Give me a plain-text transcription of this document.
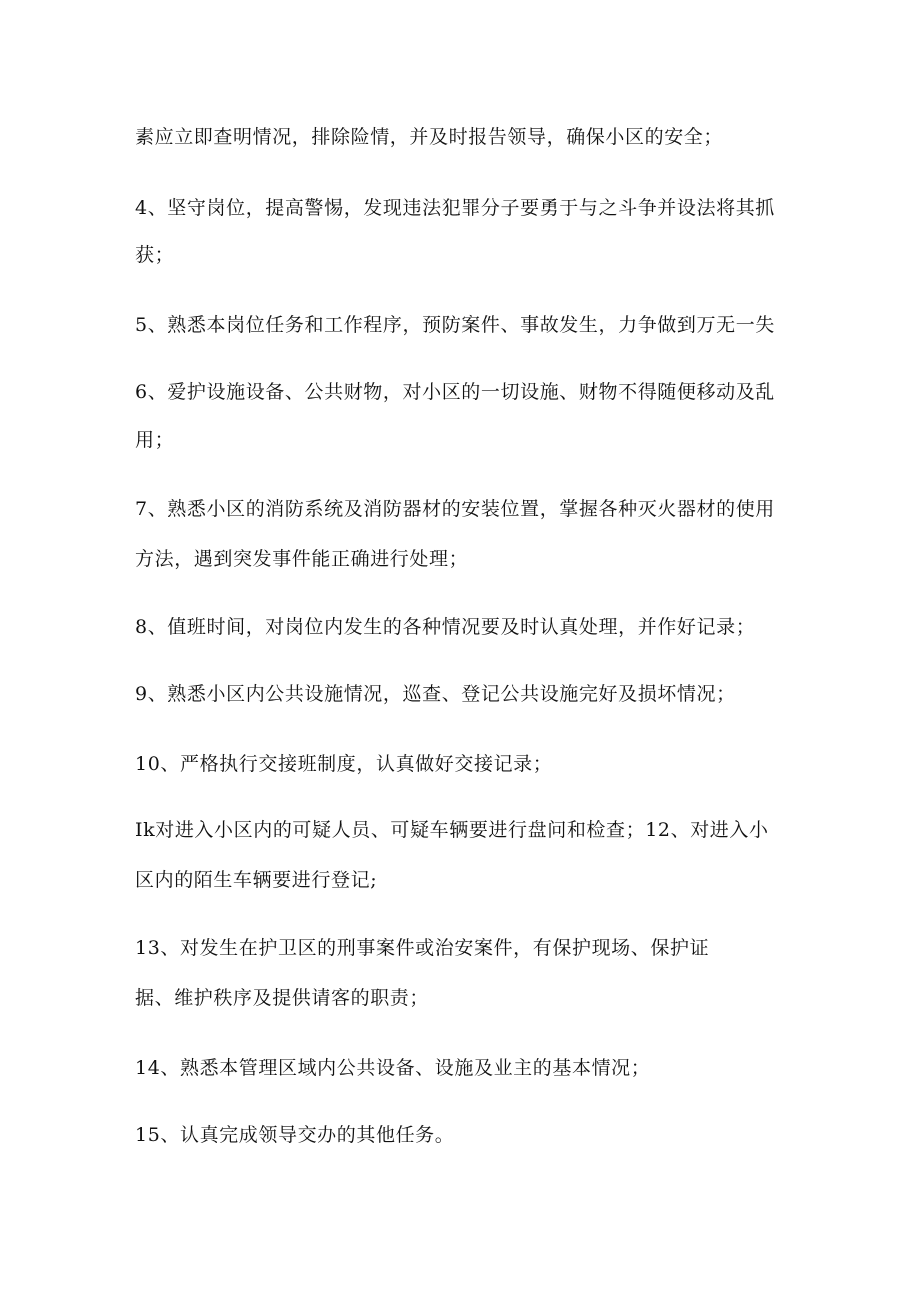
素应立即查明情况，排除险情，并及时报告领导，确保小区的安全；
4、坚守岗位，提高警惕，发现违法犯罪分子要勇于与之斗争并设法将其抓
获；
5、熟悉本岗位任务和工作程序，预防案件、事故发生，力争做到万无一失
6、爱护设施设备、公共财物，对小区的一切设施、财物不得随便移动及乱
用；
7、熟悉小区的消防系统及消防器材的安装位置，掌握各种灭火器材的使用
方法，遇到突发事件能正确进行处理；
8、值班时间，对岗位内发生的各种情况要及时认真处理，并作好记录；
9、熟悉小区内公共设施情况，巡查、登记公共设施完好及损坏情况；
10、严格执行交接班制度，认真做好交接记录；
Ik对进入小区内的可疑人员、可疑车辆要进行盘问和检查；12、对进入小
区内的陌生车辆要进行登记;
13、对发生在护卫区的刑事案件或治安案件，有保护现场、保护证
据、维护秩序及提供请客的职责；
14、熟悉本管理区域内公共设备、设施及业主的基本情况；
15、认真完成领导交办的其他任务。
